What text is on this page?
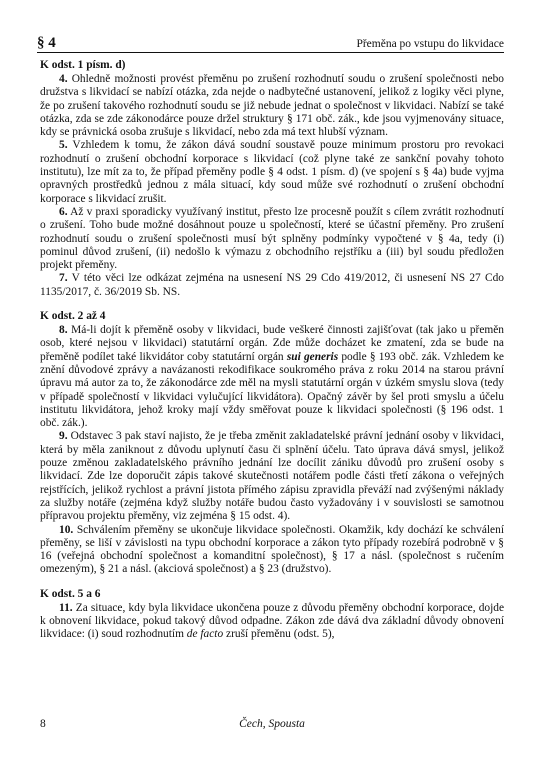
§ 4	Přeměna po vstupu do likvidace
K odst. 1 písm. d)

4. Ohledně možnosti provést přeměnu po zrušení rozhodnutí soudu o zrušení společnosti nebo družstva s likvidací se nabízí otázka, zda nejde o nadbytečné ustanovení, jelikož z logiky věci plyne, že po zrušení takového rozhodnutí soudu se již nebude jednat o společnost v likvidaci. Nabízí se také otázka, zda se zde zákonodárce pouze držel struktury § 171 obč. zák., kde jsou vyjmenovány situace, kdy se právnická osoba zrušuje s likvidací, nebo zda má text hlubší význam.

5. Vzhledem k tomu, že zákon dává soudní soustavě pouze minimum prostoru pro revokaci rozhodnutí o zrušení obchodní korporace s likvidací (což plyne také ze sankční povahy tohoto institutu), lze mít za to, že případ přeměny podle § 4 odst. 1 písm. d) (ve spojení s § 4a) bude vyjma opravných prostředků jednou z mála situací, kdy soud může své rozhodnutí o zrušení obchodní korporace s likvidací zrušit.

6. Až v praxi sporadicky využívaný institut, přesto lze procesně použít s cílem zvrátit rozhodnutí o zrušení. Toho bude možné dosáhnout pouze u společností, které se účastní přeměny. Pro zrušení rozhodnutí soudu o zrušení společnosti musí být splněny podmínky vypočtené v § 4a, tedy (i) pominul důvod zrušení, (ii) nedošlo k výmazu z obchodního rejstříku a (iii) byl soudu předložen projekt přeměny.

7. V této věci lze odkázat zejména na usnesení NS 29 Cdo 419/2012, či usnesení NS 27 Cdo 1135/2017, č. 36/2019 Sb. NS.

K odst. 2 až 4

8. Má-li dojít k přeměně osoby v likvidaci, bude veškeré činnosti zajišťovat (tak jako u přeměn osob, které nejsou v likvidaci) statutární orgán. Zde může docházet ke zmatení, zda se bude na přeměně podílet také likvidátor coby statutární orgán sui generis podle § 193 obč. zák. Vzhledem ke znění důvodové zprávy a navázanosti rekodifikace soukromého práva z roku 2014 na starou právní úpravu má autor za to, že zákonodárce zde měl na mysli statutární orgán v úzkém smyslu slova (tedy v případě společností v likvidaci vylučující likvidátora). Opačný závěr by šel proti smyslu a účelu institutu likvidátora, jehož kroky mají vždy směřovat pouze k likvidaci společnosti (§ 196 odst. 1 obč. zák.).

9. Odstavec 3 pak staví najisto, že je třeba změnit zakladatelské právní jednání osoby v likvidaci, která by měla zaniknout z důvodu uplynutí času či splnění účelu. Tato úprava dává smysl, jelikož pouze změnou zakladatelského právního jednání lze docílit zániku důvodů pro zrušení osoby s likvidací. Zde lze doporučit zápis takové skutečnosti notářem podle části třetí zákona o veřejných rejstřících, jelikož rychlost a právní jistota přímého zápisu zpravidla převáží nad zvýšenými náklady za služby notáře (zejména když služby notáře budou často vyžadovány i v souvislosti se samotnou přípravou projektu přeměny, viz zejména § 15 odst. 4).

10. Schválením přeměny se ukončuje likvidace společnosti. Okamžik, kdy dochází ke schválení přeměny, se liší v závislosti na typu obchodní korporace a zákon tyto případy rozebírá podrobně v § 16 (veřejná obchodní společnost a komanditní společnost), § 17 a násl. (společnost s ručením omezeným), § 21 a násl. (akciová společnost) a § 23 (družstvo).

K odst. 5 a 6

11. Za situace, kdy byla likvidace ukončena pouze z důvodu přeměny obchodní korporace, dojde k obnovení likvidace, pokud takový důvod odpadne. Zákon zde dává dva základní důvody obnovení likvidace: (i) soud rozhodnutím de facto zruší přeměnu (odst. 5),

8	Čech, Spousta
